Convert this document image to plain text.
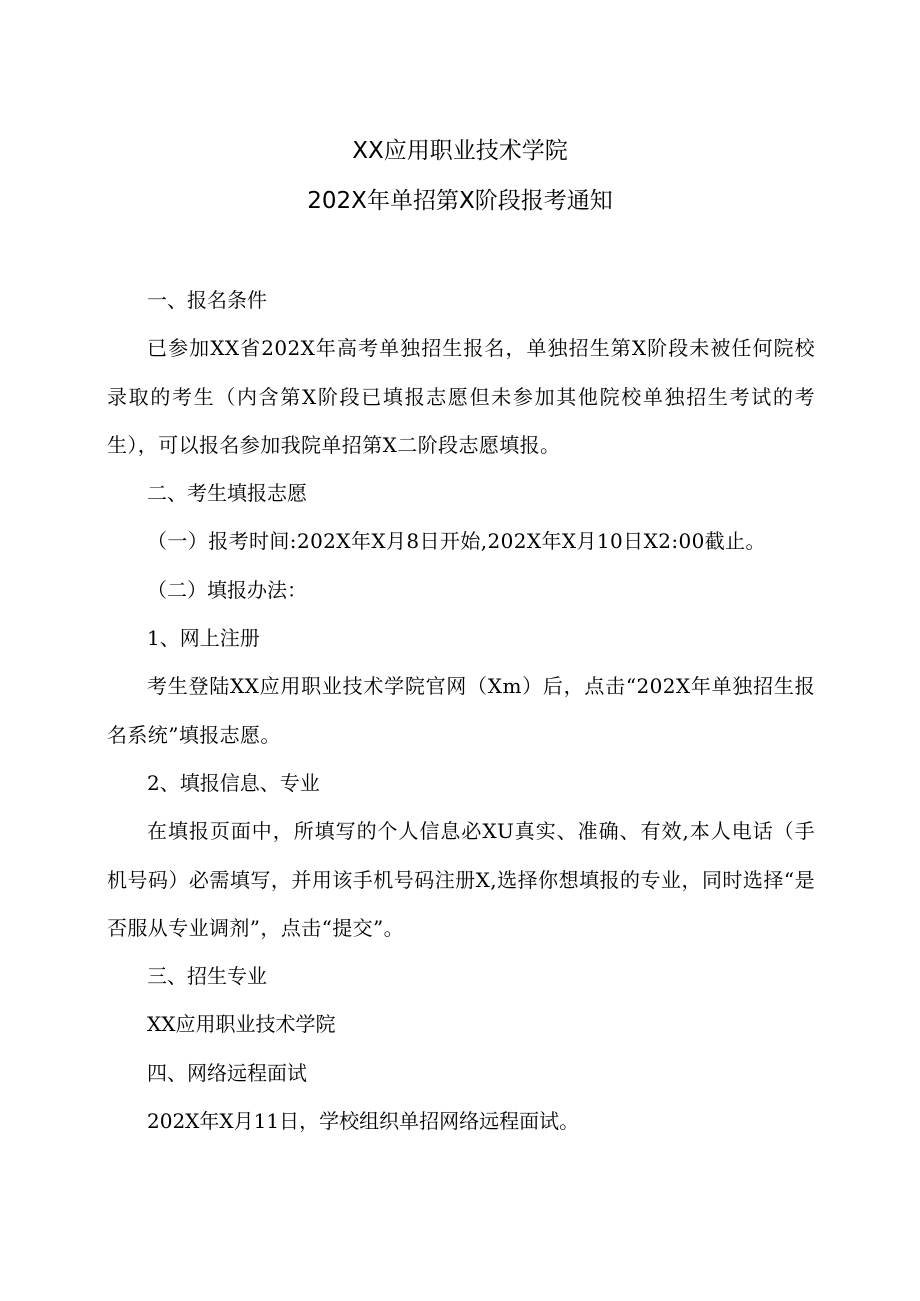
XX应用职业技术学院
202X年单招第X阶段报考通知

一、报名条件

已参加XX省202X年高考单独招生报名，单独招生第X阶段未被任何院校录取的考生（内含第X阶段已填报志愿但未参加其他院校单独招生考试的考生），可以报名参加我院单招第X二阶段志愿填报。

二、考生填报志愿

（一）报考时间:202X年X月8日开始,202X年X月10日X2:00截止。

（二）填报办法：

1、网上注册

考生登陆XX应用职业技术学院官网（Xm）后，点击“202X年单独招生报名系统”填报志愿。

2、填报信息、专业

在填报页面中，所填写的个人信息必XU真实、准确、有效,本人电话（手机号码）必需填写，并用该手机号码注册X,选择你想填报的专业，同时选择“是否服从专业调剂”，点击“提交”。

三、招生专业

XX应用职业技术学院

四、网络远程面试

202X年X月11日，学校组织单招网络远程面试。
